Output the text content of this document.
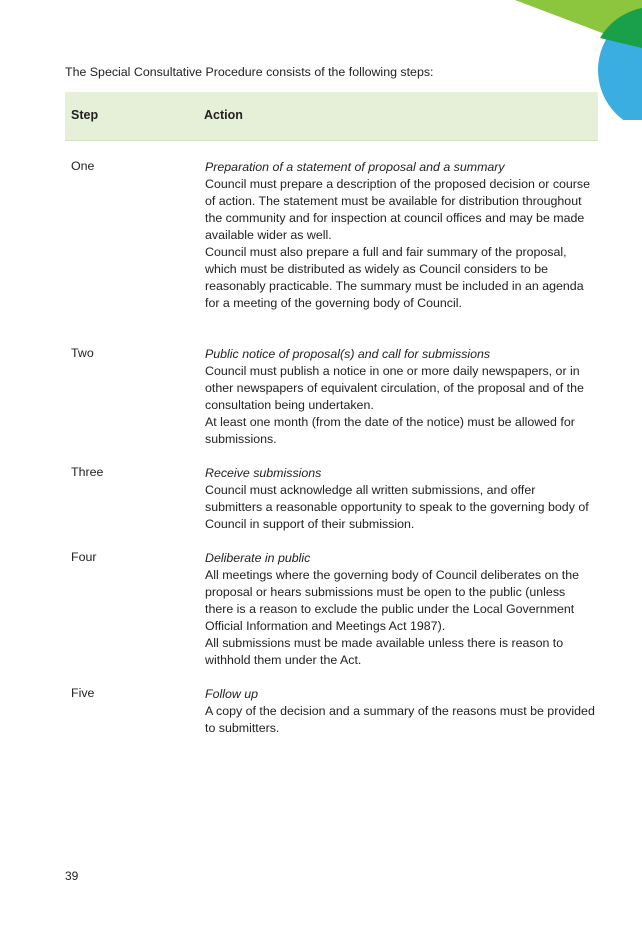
The Special Consultative Procedure consists of the following steps:
Step	Action
One	Preparation of a statement of proposal and a summary
Council must prepare a description of the proposed decision or course of action. The statement must be available for distribution throughout the community and for inspection at council offices and may be made available wider as well.
Council must also prepare a full and fair summary of the proposal, which must be distributed as widely as Council considers to be reasonably practicable. The summary must be included in an agenda for a meeting of the governing body of Council.
Two	Public notice of proposal(s) and call for submissions
Council must publish a notice in one or more daily newspapers, or in other newspapers of equivalent circulation, of the proposal and of the consultation being undertaken.
At least one month (from the date of the notice) must be allowed for submissions.
Three	Receive submissions
Council must acknowledge all written submissions, and offer submitters a reasonable opportunity to speak to the governing body of Council in support of their submission.
Four	Deliberate in public
All meetings where the governing body of Council deliberates on the proposal or hears submissions must be open to the public (unless there is a reason to exclude the public under the Local Government Official Information and Meetings Act 1987).
All submissions must be made available unless there is reason to withhold them under the Act.
Five	Follow up
A copy of the decision and a summary of the reasons must be provided to submitters.
39
